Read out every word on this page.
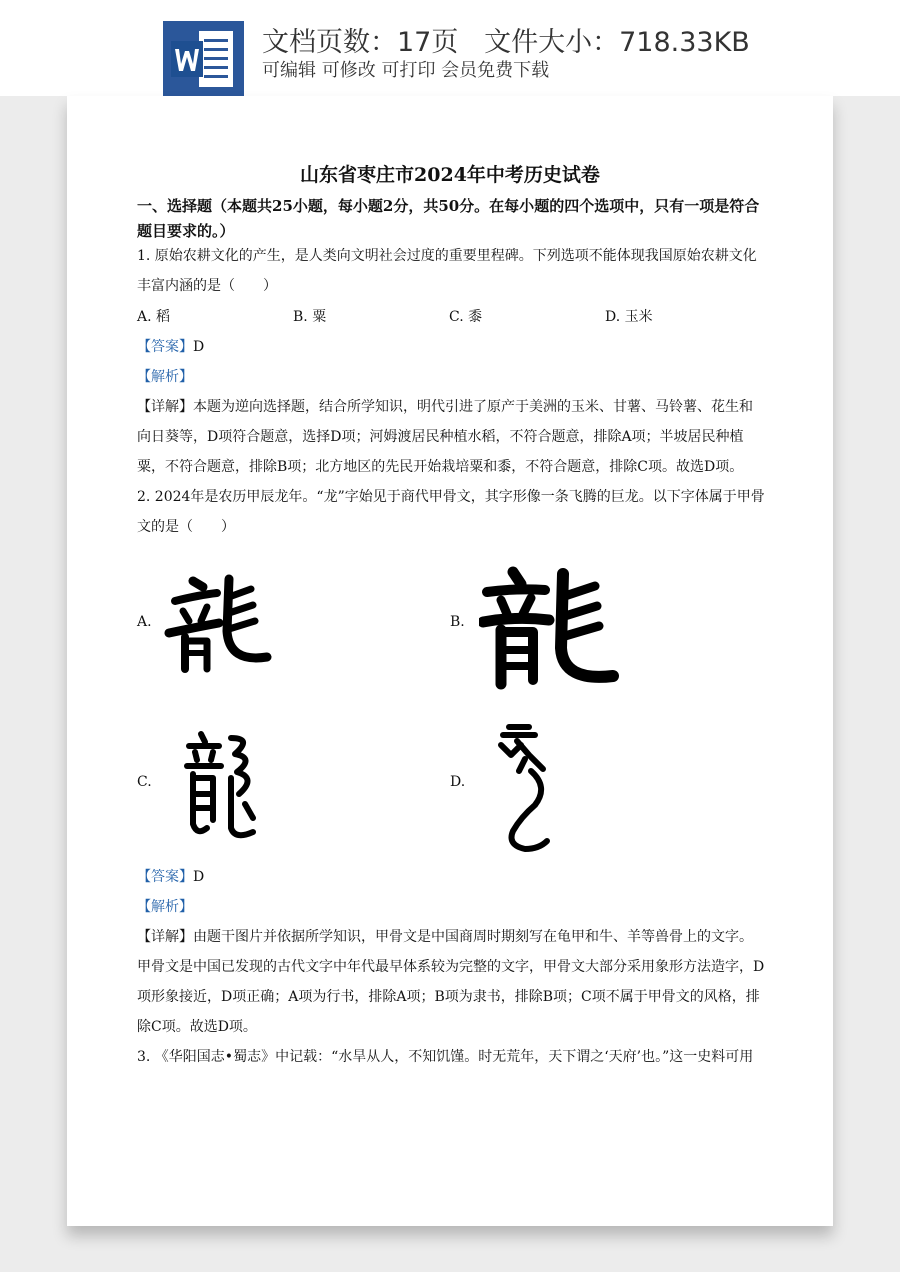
文档页数：17页 文件大小：718.33KB
可编辑 可修改 可打印 会员免费下载
山东省枣庄市2024年中考历史试卷
一、选择题（本题共25小题，每小题2分，共50分。在每小题的四个选项中，只有一项是符合题目要求的。）
1. 原始农耕文化的产生，是人类向文明社会过度的重要里程碑。下列选项不能体现我国原始农耕文化丰富内涵的是（　　）
A. 稻	B. 粟	C. 黍	D. 玉米
【答案】D
【解析】
【详解】本题为逆向选择题，结合所学知识，明代引进了原产于美洲的玉米、甘薯、马铃薯、花生和向日葵等，D项符合题意，选择D项；河姆渡居民种植水稻，不符合题意，排除A项；半坡居民种植粟，不符合题意，排除B项；北方地区的先民开始栽培粟和黍，不符合题意，排除C项。故选D项。
2. 2024年是农历甲辰龙年。“龙”字始见于商代甲骨文，其字形像一条飞腾的巨龙。以下字体属于甲骨文的是（　　）
A.	B.
C.	D.
【答案】D
【解析】
【详解】由题干图片并依据所学知识，甲骨文是中国商周时期刻写在龟甲和牛、羊等兽骨上的文字。甲骨文是中国已发现的古代文字中年代最早体系较为完整的文字，甲骨文大部分采用象形方法造字，D项形象接近，D项正确；A项为行书，排除A项；B项为隶书，排除B项；C项不属于甲骨文的风格，排除C项。故选D项。
3. 《华阳国志•蜀志》中记载：“水旱从人，不知饥馑。时无荒年，天下谓之‘天府’也。”这一史料可用
